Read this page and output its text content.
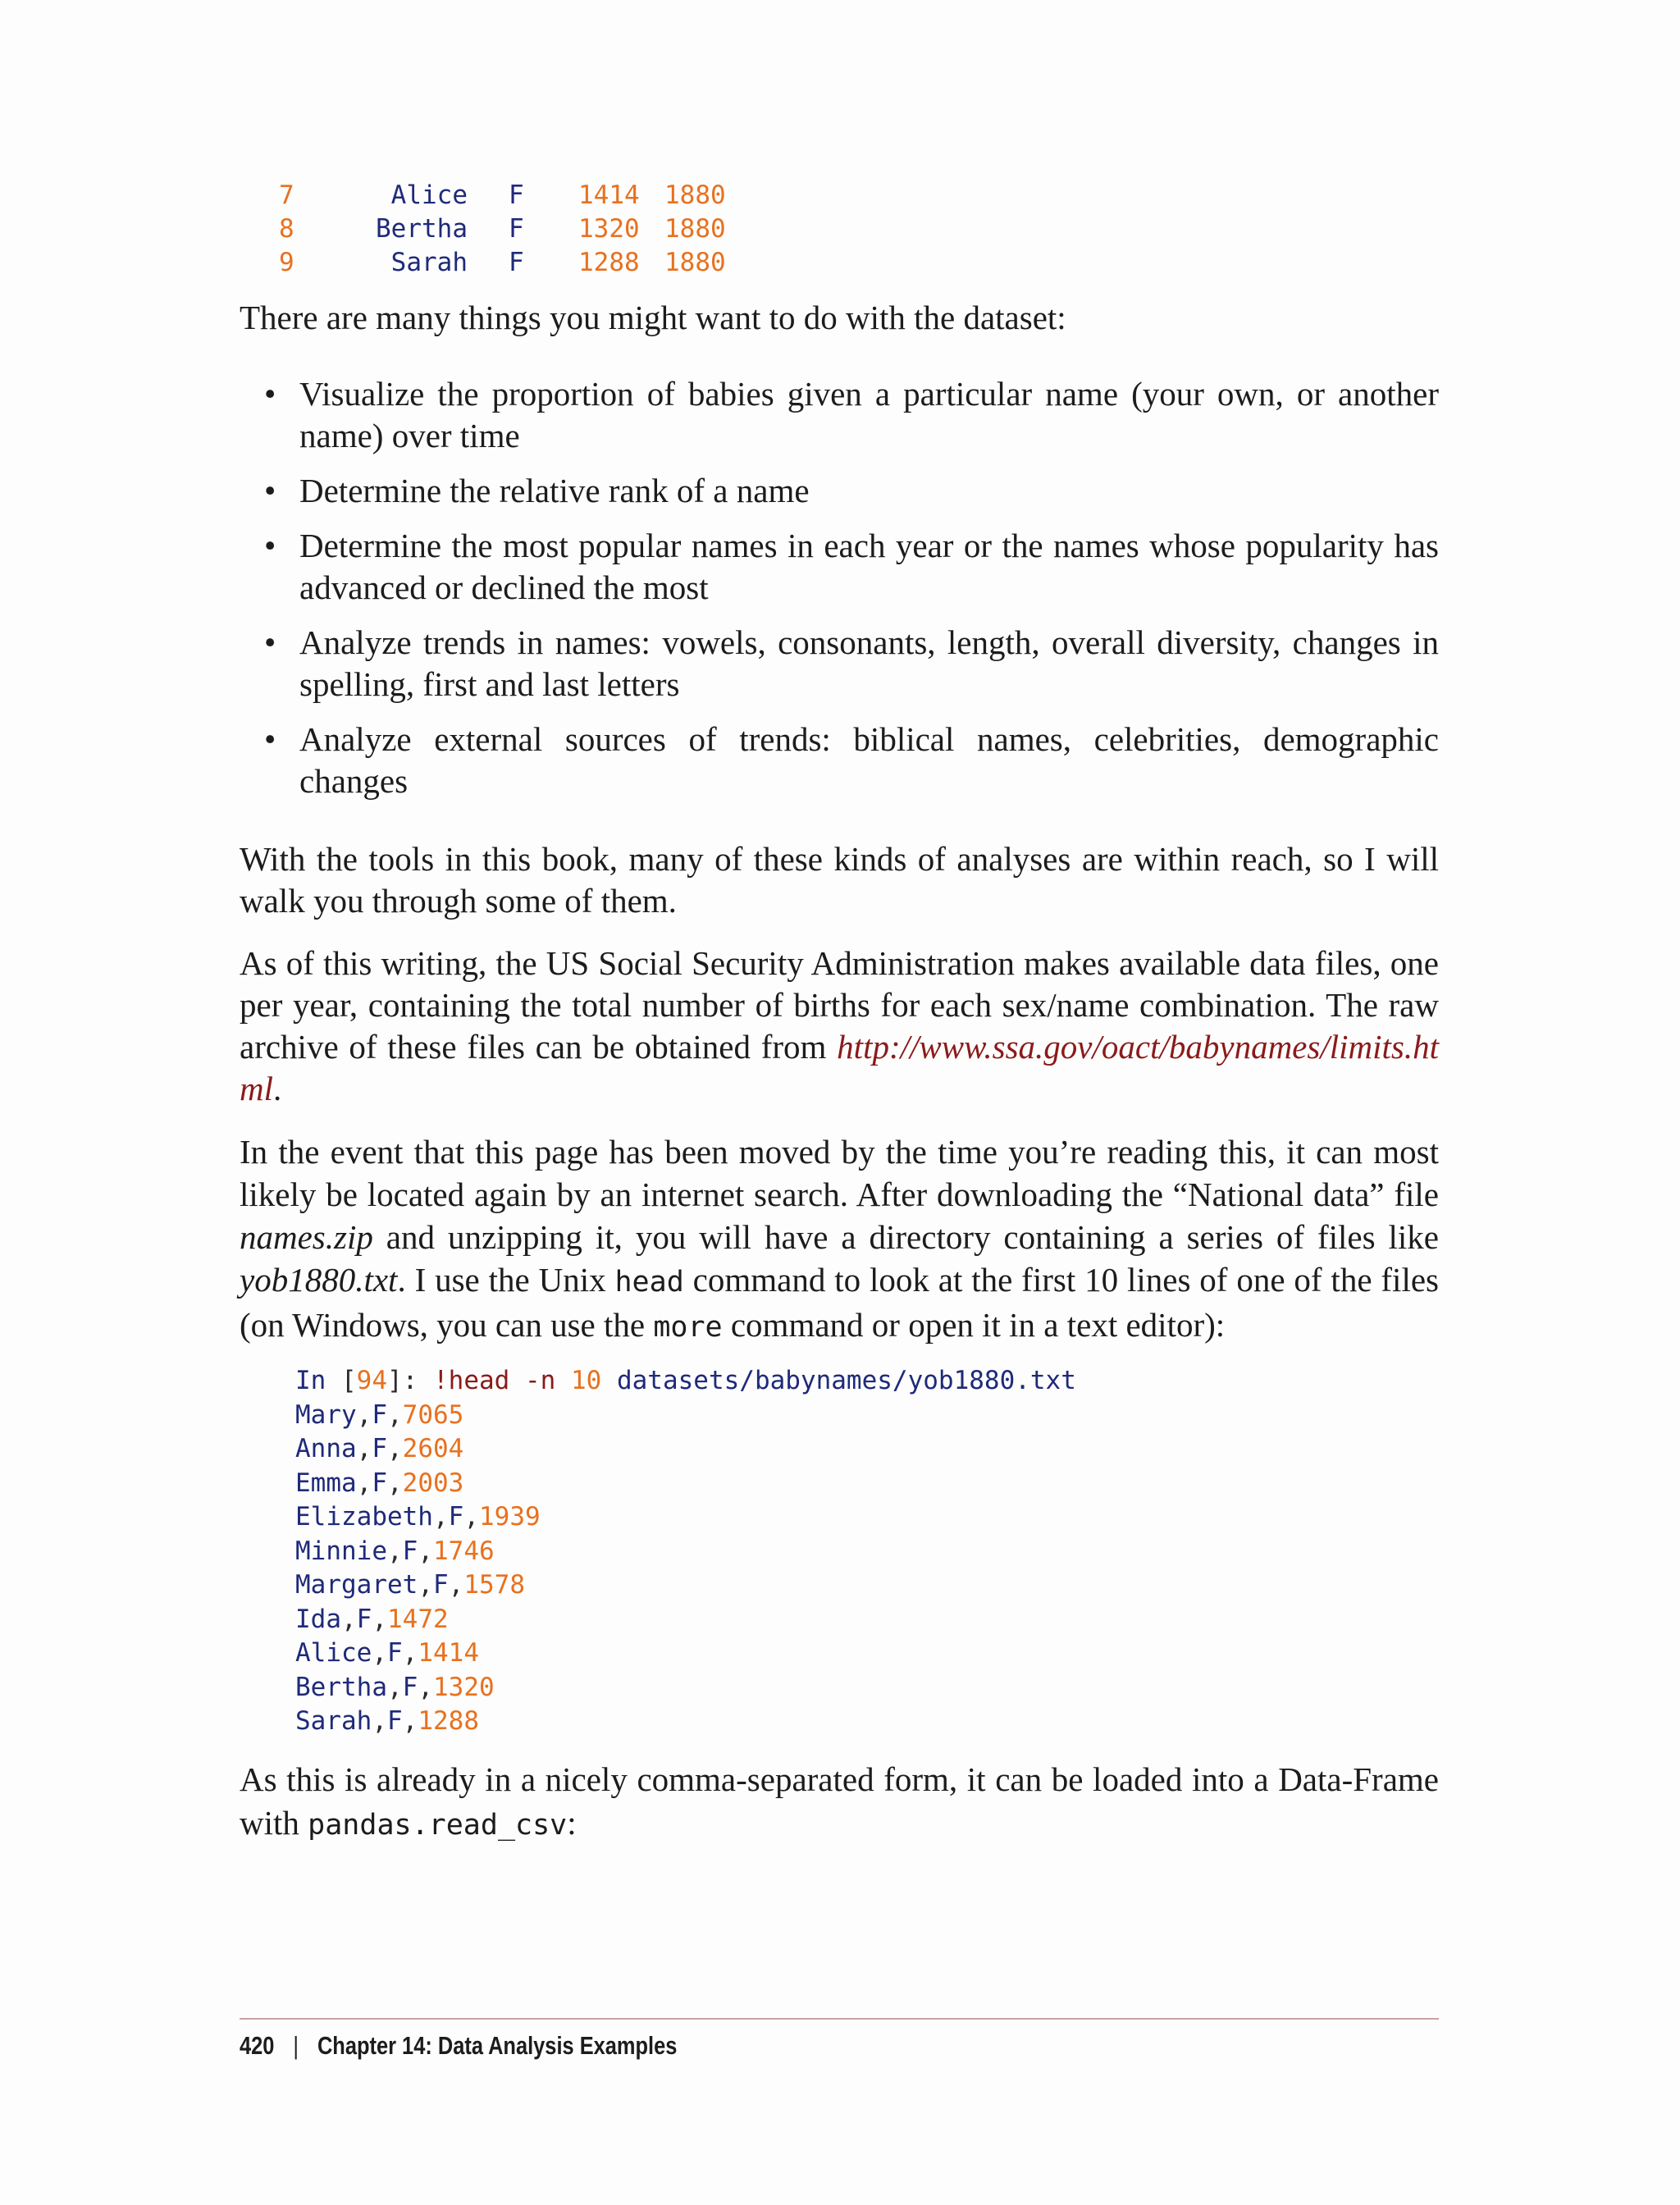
7	Alice F 1414 1880
8	Bertha F 1320 1880
9	Sarah F 1288 1880
There are many things you might want to do with the dataset:
• Visualize the proportion of babies given a particular name (your own, or another name) over time
• Determine the relative rank of a name
• Determine the most popular names in each year or the names whose popularity has advanced or declined the most
• Analyze trends in names: vowels, consonants, length, overall diversity, changes in spelling, first and last letters
• Analyze external sources of trends: biblical names, celebrities, demographic changes
With the tools in this book, many of these kinds of analyses are within reach, so I will walk you through some of them.
As of this writing, the US Social Security Administration makes available data files, one per year, containing the total number of births for each sex/name combination. The raw archive of these files can be obtained from http://www.ssa.gov/oact/babynames/limits.html.
In the event that this page has been moved by the time you’re reading this, it can most likely be located again by an internet search. After downloading the “National data” file names.zip and unzipping it, you will have a directory containing a series of files like yob1880.txt. I use the Unix head command to look at the first 10 lines of one of the files (on Windows, you can use the more command or open it in a text editor):
In [94]: !head -n 10 datasets/babynames/yob1880.txt
Mary,F,7065
Anna,F,2604
Emma,F,2003
Elizabeth,F,1939
Minnie,F,1746
Margaret,F,1578
Ida,F,1472
Alice,F,1414
Bertha,F,1320
Sarah,F,1288
As this is already in a nicely comma-separated form, it can be loaded into a Data‐Frame with pandas.read_csv:
420 | Chapter 14: Data Analysis Examples
